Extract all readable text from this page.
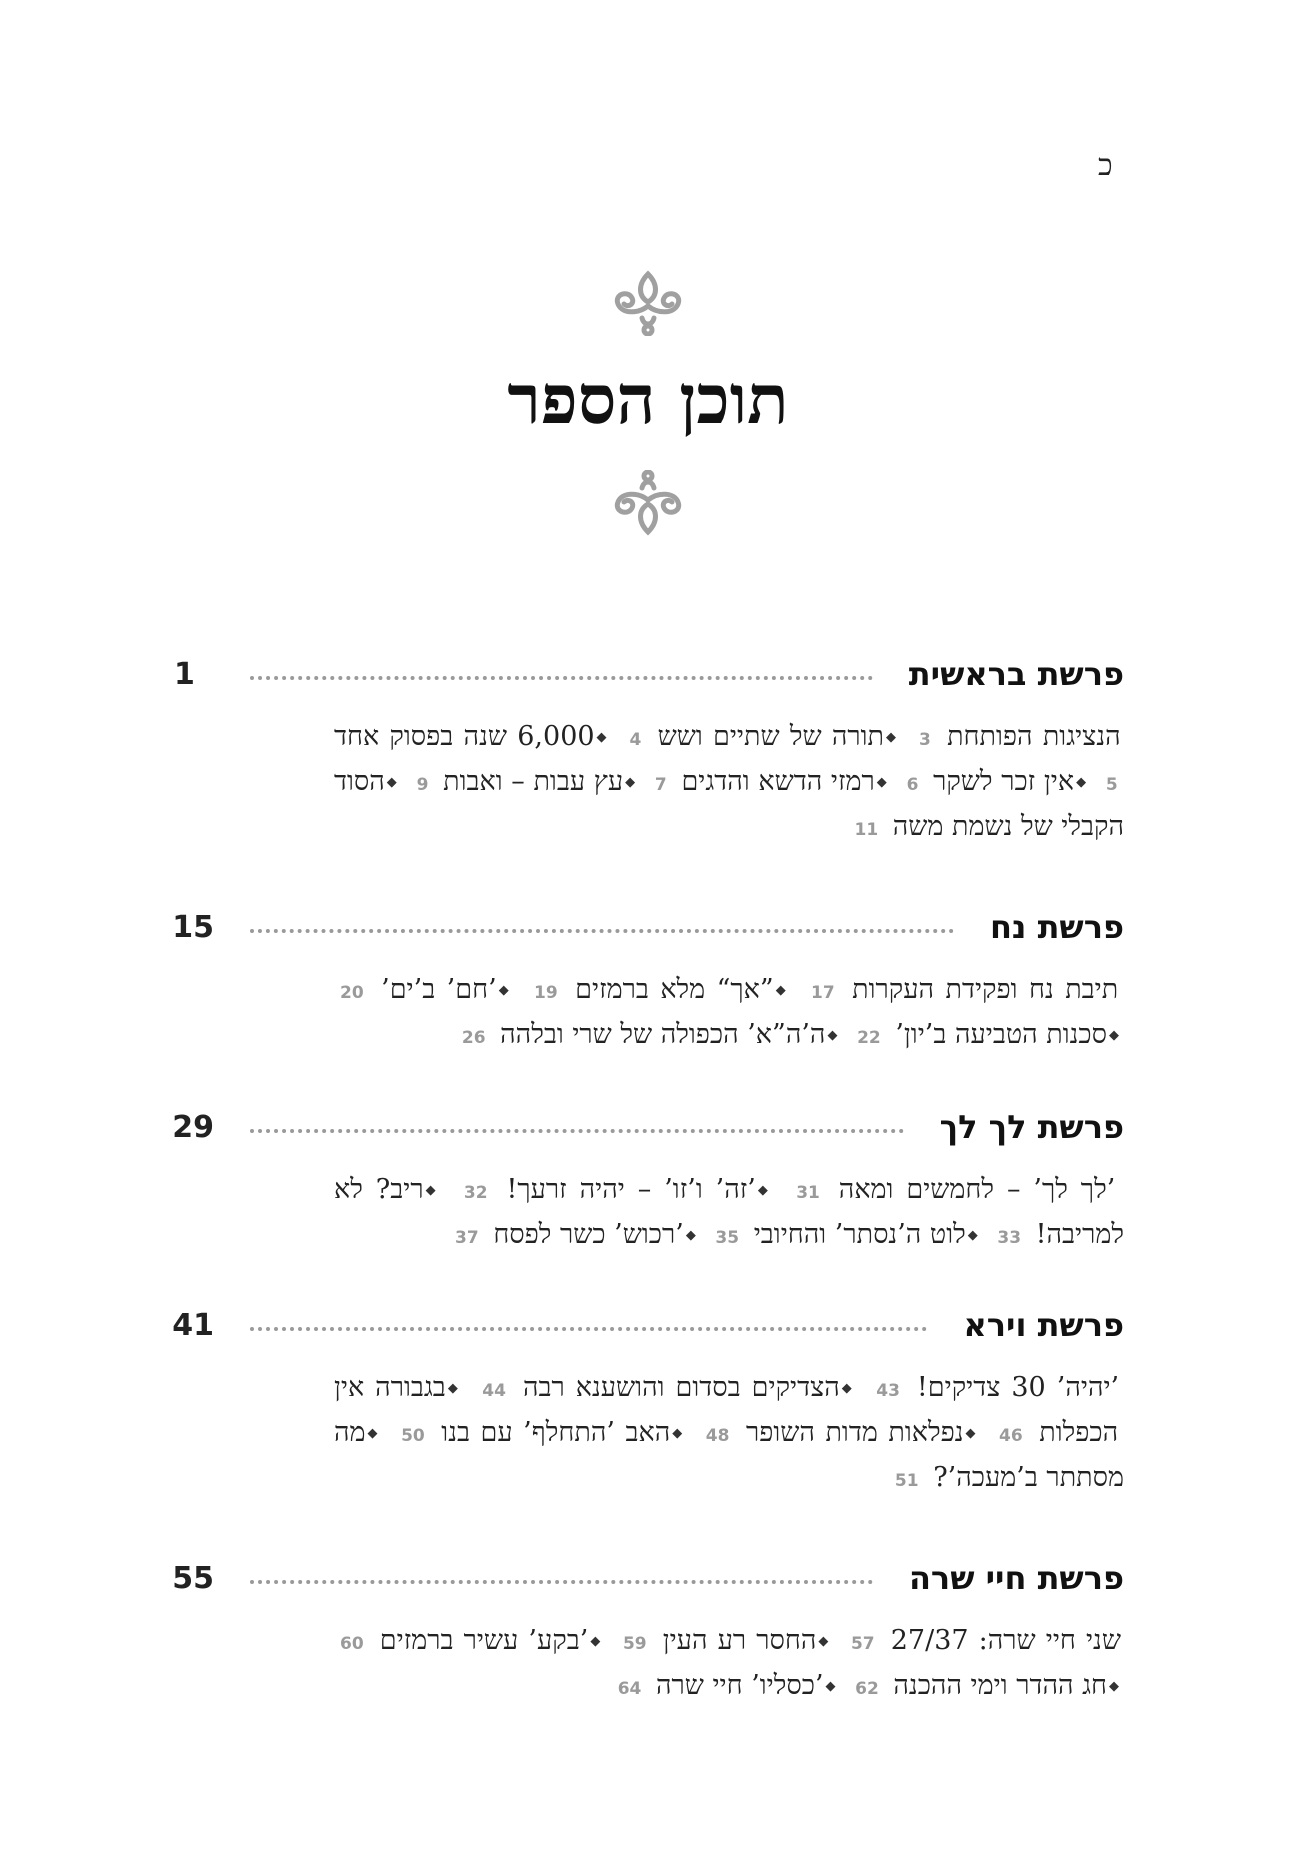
כ
תוכן הספר
פרשת בראשית
1
הנציגות הפותחת 3 ◆תורה של שתיים ושש 4 ◆6,000 שנה בפסוק אחד 5 ◆אין זכר לשקר 6 ◆רמזי הדשא והדגים 7 ◆עץ עבות – ואבות 9 ◆הסוד הקבלי של נשמת משה 11
פרשת נח
15
תיבת נח ופקידת העקרות 17 ◆”אך“ מלא ברמזים 19 ◆’חם’ ב’ים’ 20 ◆סכנות הטביעה ב’יון’ 22 ◆ה’ה”א’ הכפולה של שרי ובלהה 26
פרשת לך לך
29
’לך לך’ – לחמשים ומאה 31 ◆’זה’ ו’זו’ – יהיה זרעך! 32 ◆ריב? לא למריבה! 33 ◆לוט ה’נסתר’ והחיובי 35 ◆’רכוש’ כשר לפסח 37
פרשת וירא
41
’יהיה’ 30 צדיקים! 43 ◆הצדיקים בסדום והושענא רבה 44 ◆בגבורה אין הכפלות 46 ◆נפלאות מדות השופר 48 ◆האב ’התחלף’ עם בנו 50 ◆מה מסתתר ב’מעכה’? 51
פרשת חיי שרה
55
שני חיי שרה: 27/37 57 ◆החסר רע העין 59 ◆’בקע’ עשיר ברמזים 60 ◆חג ההדר וימי ההכנה 62 ◆’כסליו’ חיי שרה 64
